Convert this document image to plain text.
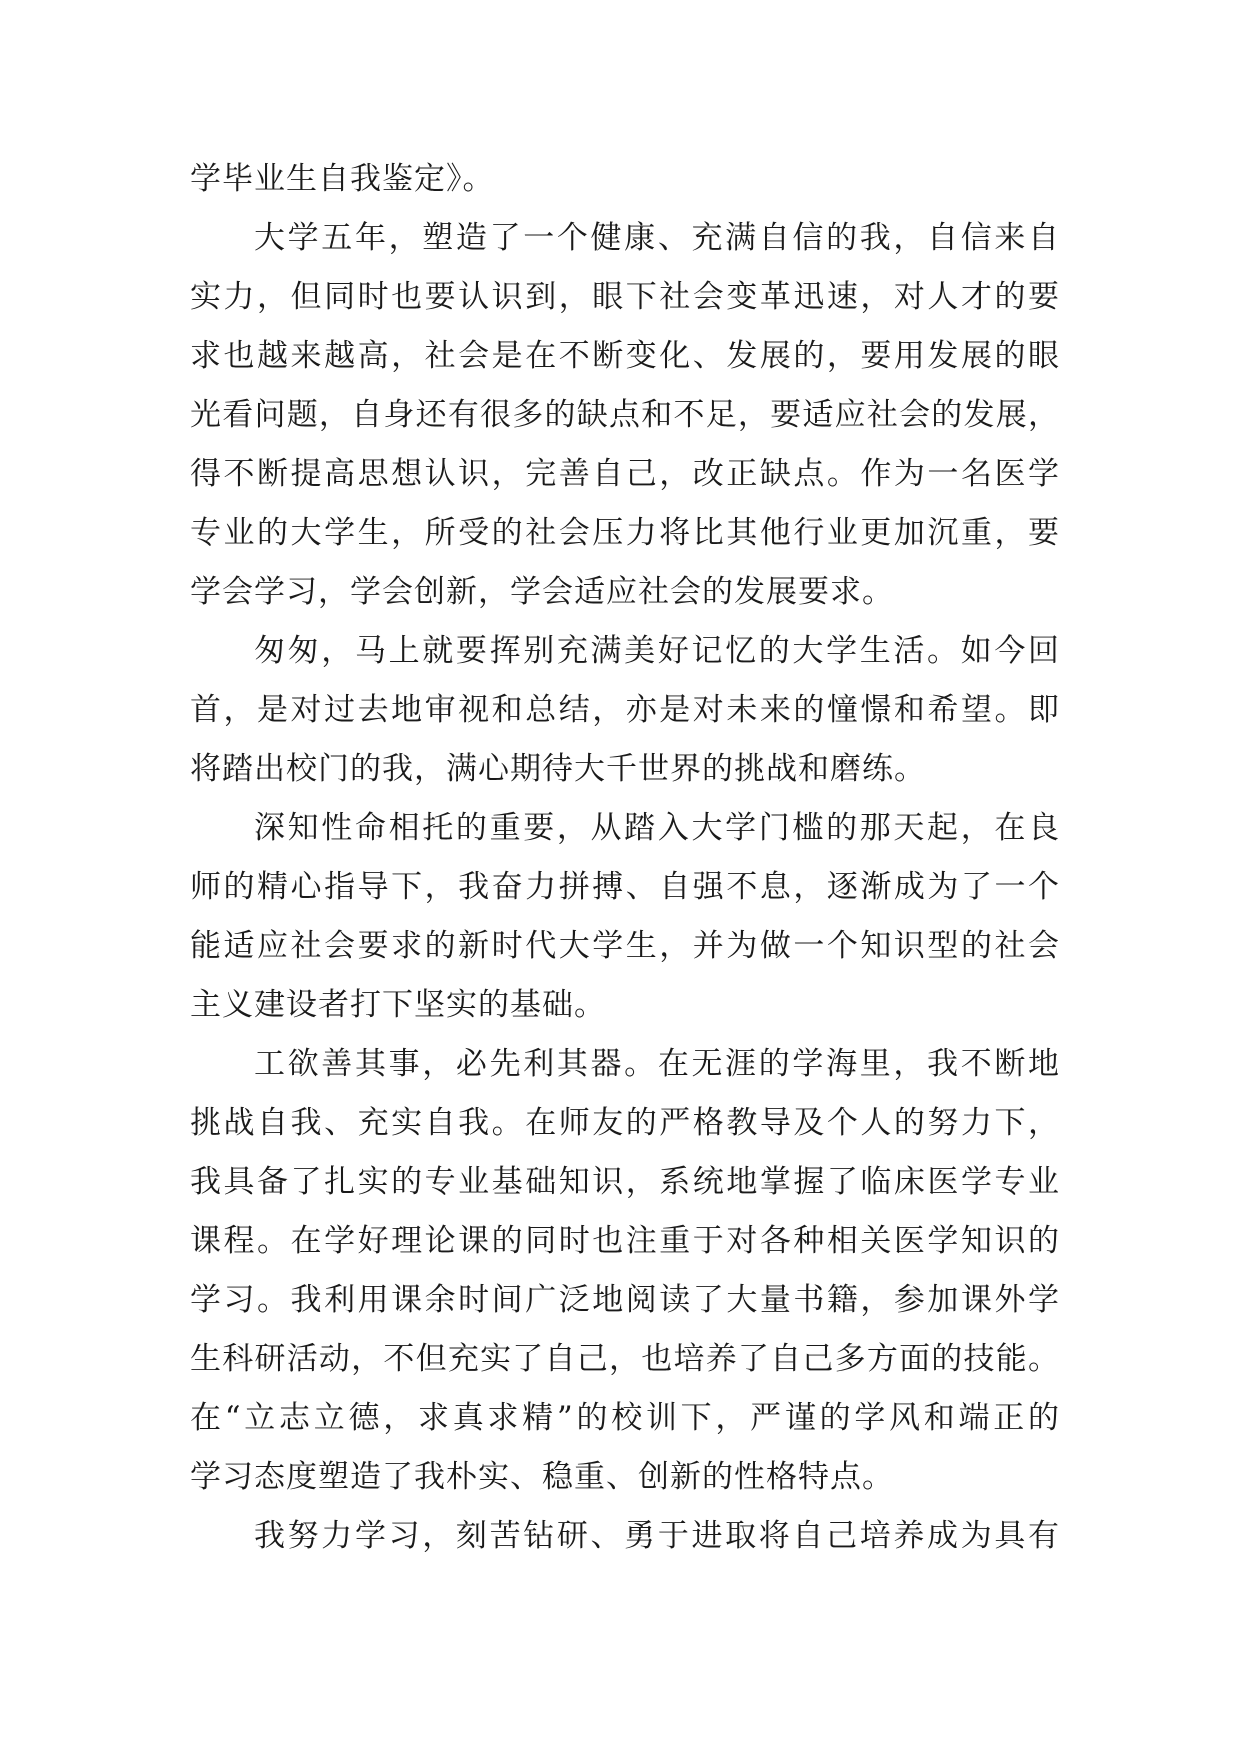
学毕业生自我鉴定》。
大学五年，塑造了一个健康、充满自信的我，自信来自
实力，但同时也要认识到，眼下社会变革迅速，对人才的要
求也越来越高，社会是在不断变化、发展的，要用发展的眼
光看问题，自身还有很多的缺点和不足，要适应社会的发展，
得不断提高思想认识，完善自己，改正缺点。作为一名医学
专业的大学生，所受的社会压力将比其他行业更加沉重，要
学会学习，学会创新，学会适应社会的发展要求。
匆匆，马上就要挥别充满美好记忆的大学生活。如今回
首，是对过去地审视和总结，亦是对未来的憧憬和希望。即
将踏出校门的我，满心期待大千世界的挑战和磨练。
深知性命相托的重要，从踏入大学门槛的那天起，在良
师的精心指导下，我奋力拼搏、自强不息，逐渐成为了一个
能适应社会要求的新时代大学生，并为做一个知识型的社会
主义建设者打下坚实的基础。
工欲善其事，必先利其器。在无涯的学海里，我不断地
挑战自我、充实自我。在师友的严格教导及个人的努力下，
我具备了扎实的专业基础知识，系统地掌握了临床医学专业
课程。在学好理论课的同时也注重于对各种相关医学知识的
学习。我利用课余时间广泛地阅读了大量书籍，参加课外学
生科研活动，不但充实了自己，也培养了自己多方面的技能。
在“立志立德，求真求精”的校训下，严谨的学风和端正的
学习态度塑造了我朴实、稳重、创新的性格特点。
我努力学习，刻苦钻研、勇于进取将自己培养成为具有
